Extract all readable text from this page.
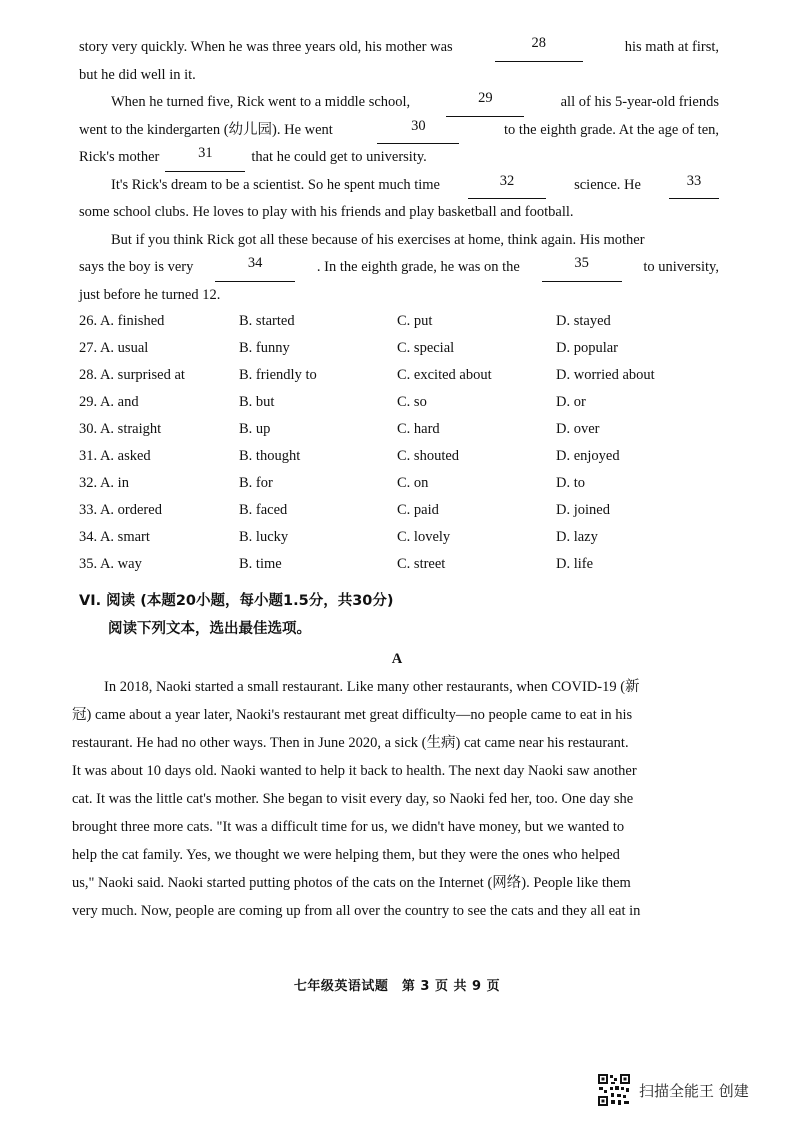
story very quickly. When he was three years old, his mother was	28	his math at first,
but he did well in it.
When he turned five, Rick went to a middle school,	29	all of his 5-year-old friends
went to the kindergarten (幼儿园). He went	30	to the eighth grade. At the age of ten,
Rick's mother	31	that he could get to university.
It's Rick's dream to be a scientist. So he spent much time	32	science. He	33
some school clubs. He loves to play with his friends and play basketball and football.
But if you think Rick got all these because of his exercises at home, think again. His mother
says the boy is very	34	. In the eighth grade, he was on the	35	to university,
just before he turned 12.
26. A. finished	B. started	C. put	D. stayed
27. A. usual	B. funny	C. special	D. popular
28. A. surprised at	B. friendly to	C. excited about	D. worried about
29. A. and	B. but	C. so	D. or
30. A. straight	B. up	C. hard	D. over
31. A. asked	B. thought	C. shouted	D. enjoyed
32. A. in	B. for	C. on	D. to
33. A. ordered	B. faced	C. paid	D. joined
34. A. smart	B. lucky	C. lovely	D. lazy
35. A. way	B. time	C. street	D. life
VI. 阅读 (本题20小题，每小题1.5分，共30分)
阅读下列文本，选出最佳选项。
A
In 2018, Naoki started a small restaurant. Like many other restaurants, when COVID-19 (新
冠) came about a year later, Naoki's restaurant met great difficulty—no people came to eat in his
restaurant. He had no other ways. Then in June 2020, a sick (生病) cat came near his restaurant.
It was about 10 days old. Naoki wanted to help it back to health. The next day Naoki saw another
cat. It was the little cat's mother. She began to visit every day, so Naoki fed her, too. One day she
brought three more cats. "It was a difficult time for us, we didn't have money, but we wanted to
help the cat family. Yes, we thought we were helping them, but they were the ones who helped
us," Naoki said. Naoki started putting photos of the cats on the Internet (网络). People like them
very much. Now, people are coming up from all over the country to see the cats and they all eat in
七年级英语试题　第 3 页 共 9 页
扫描全能王 创建
